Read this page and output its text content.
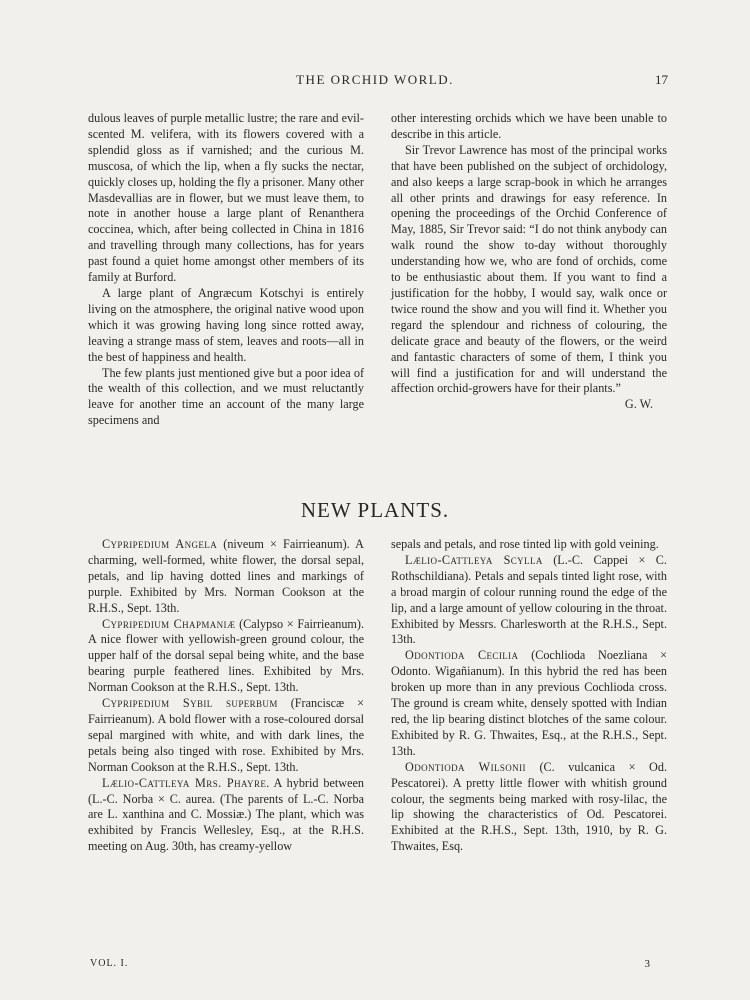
THE ORCHID WORLD.	17

dulous leaves of purple metallic lustre; the rare and evil-scented M. velifera, with its flowers covered with a splendid gloss as if varnished; and the curious M. muscosa, of which the lip, when a fly sucks the nectar, quickly closes up, holding the fly a prisoner. Many other Masdevallias are in flower, but we must leave them, to note in another house a large plant of Renanthera coccinea, which, after being collected in China in 1816 and travelling through many collections, has for years past found a quiet home amongst other members of its family at Burford.

A large plant of Angræcum Kotschyi is entirely living on the atmosphere, the original native wood upon which it was growing having long since rotted away, leaving a strange mass of stem, leaves and roots—all in the best of happiness and health.

The few plants just mentioned give but a poor idea of the wealth of this collection, and we must reluctantly leave for another time an account of the many large specimens and

other interesting orchids which we have been unable to describe in this article.

Sir Trevor Lawrence has most of the principal works that have been published on the subject of orchidology, and also keeps a large scrap-book in which he arranges all other prints and drawings for easy reference. In opening the proceedings of the Orchid Conference of May, 1885, Sir Trevor said: “I do not think anybody can walk round the show to-day without thoroughly understanding how we, who are fond of orchids, come to be enthusiastic about them. If you want to find a justification for the hobby, I would say, walk once or twice round the show and you will find it. Whether you regard the splendour and richness of colouring, the delicate grace and beauty of the flowers, or the weird and fantastic characters of some of them, I think you will find a justification for and will understand the affection orchid-growers have for their plants.”

G. W.

NEW PLANTS.

Cypripedium Angela (niveum × Fairrieanum). A charming, well-formed, white flower, the dorsal sepal, petals, and lip having dotted lines and markings of purple. Exhibited by Mrs. Norman Cookson at the R.H.S., Sept. 13th.

Cypripedium Chapmaniæ (Calypso × Fairrieanum). A nice flower with yellowish-green ground colour, the upper half of the dorsal sepal being white, and the base bearing purple feathered lines. Exhibited by Mrs. Norman Cookson at the R.H.S., Sept. 13th.

Cypripedium Sybil superbum (Franciscæ × Fairrieanum). A bold flower with a rose-coloured dorsal sepal margined with white, and with dark lines, the petals being also tinged with rose. Exhibited by Mrs. Norman Cookson at the R.H.S., Sept. 13th.

Lælio-Cattleya Mrs. Phayre. A hybrid between (L.-C. Norba × C. aurea. (The parents of L.-C. Norba are L. xanthina and C. Mossiæ.) The plant, which was exhibited by Francis Wellesley, Esq., at the R.H.S. meeting on Aug. 30th, has creamy-yellow

sepals and petals, and rose tinted lip with gold veining.

Lælio-Cattleya Scylla (L.-C. Cappei × C. Rothschildiana). Petals and sepals tinted light rose, with a broad margin of colour running round the edge of the lip, and a large amount of yellow colouring in the throat. Exhibited by Messrs. Charlesworth at the R.H.S., Sept. 13th.

Odontioda Cecilia (Cochlioda Noezliana × Odonto. Wigañianum). In this hybrid the red has been broken up more than in any previous Cochlioda cross. The ground is cream white, densely spotted with Indian red, the lip bearing distinct blotches of the same colour. Exhibited by R. G. Thwaites, Esq., at the R.H.S., Sept. 13th.

Odontioda Wilsonii (C. vulcanica × Od. Pescatorei). A pretty little flower with whitish ground colour, the segments being marked with rosy-lilac, the lip showing the characteristics of Od. Pescatorei. Exhibited at the R.H.S., Sept. 13th, 1910, by R. G. Thwaites, Esq.

VOL. I.	3
